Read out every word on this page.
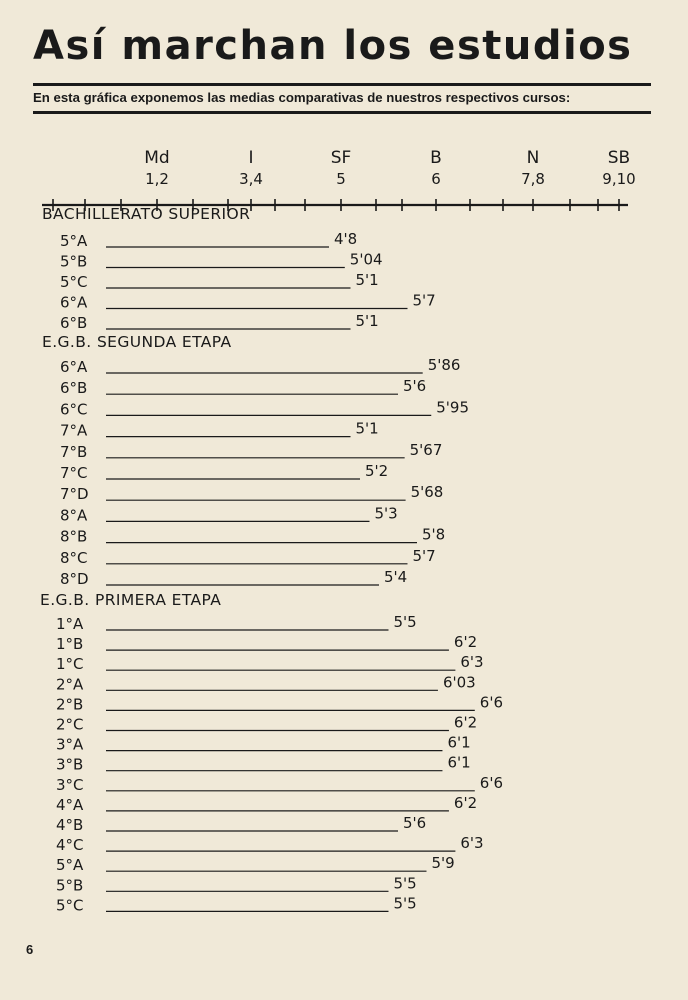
Así marchan los estudios
En esta gráfica exponemos las medias comparativas de nuestros respectivos cursos:
Md
1,2
I
3,4
SF
5
B
6
N
7,8
SB
9,10
BACHILLERATO SUPERIOR
5°A	4'8
5°B	5'04
5°C	5'1
6°A	5'7
6°B	5'1
E.G.B. SEGUNDA ETAPA
6°A	5'86
6°B	5'6
6°C	5'95
7°A	5'1
7°B	5'67
7°C	5'2
7°D	5'68
8°A	5'3
8°B	5'8
8°C	5'7
8°D	5'4
E.G.B. PRIMERA ETAPA
1°A	5'5
1°B	6'2
1°C	6'3
2°A	6'03
2°B	6'6
2°C	6'2
3°A	6'1
3°B	6'1
3°C	6'6
4°A	6'2
4°B	5'6
4°C	6'3
5°A	5'9
5°B	5'5
5°C	5'5
6
